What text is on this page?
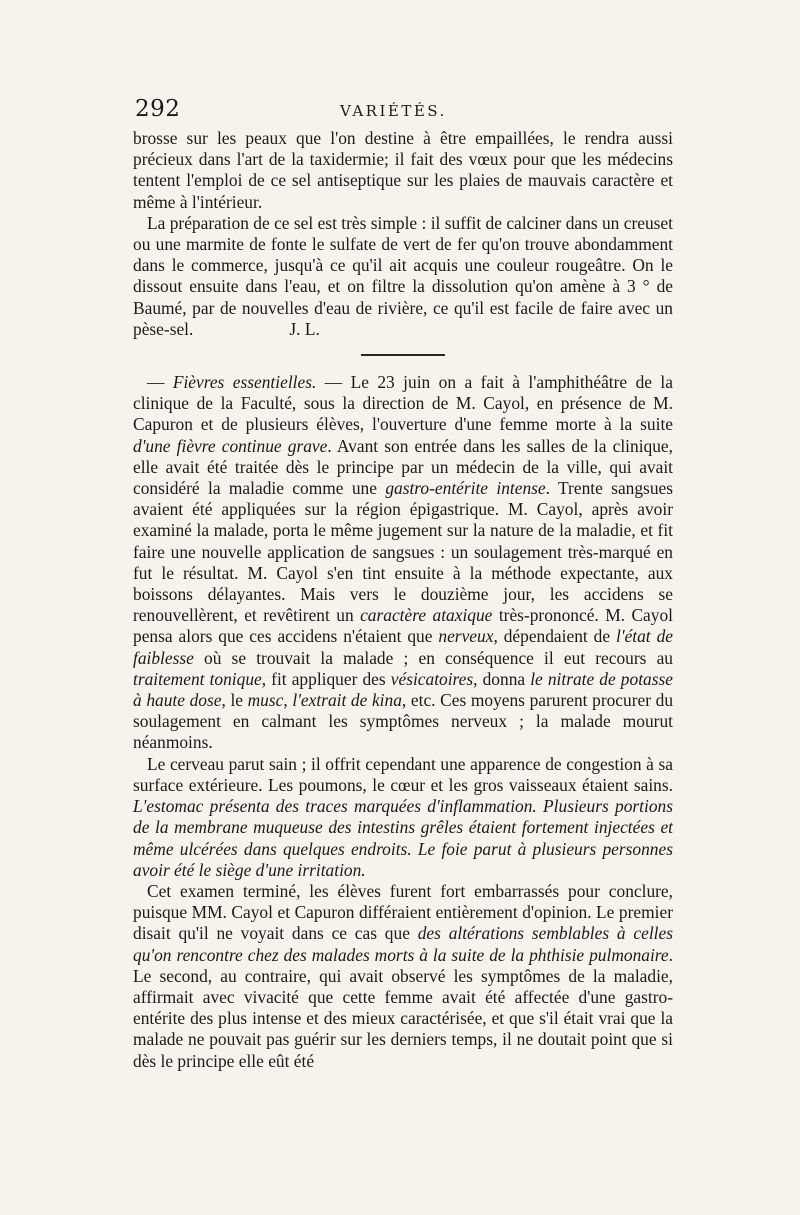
292	VARIÉTÉS.

brosse sur les peaux que l'on destine à être empaillées, le rendra aussi précieux dans l'art de la taxidermie; il fait des vœux pour que les médecins tentent l'emploi de ce sel antiseptique sur les plaies de mauvais caractère et même à l'intérieur.

La préparation de ce sel est très simple : il suffit de calciner dans un creuset ou une marmite de fonte le sulfate de vert de fer qu'on trouve abondamment dans le commerce, jusqu'à ce qu'il ait acquis une couleur rougeâtre. On le dissout ensuite dans l'eau, et on filtre la dissolution qu'on amène à 3 ° de Baumé, par de nouvelles d'eau de rivière, ce qu'il est facile de faire avec un pèse-sel.	J. L.

— Fièvres essentielles. — Le 23 juin on a fait à l'amphithéâtre de la clinique de la Faculté, sous la direction de M. Cayol, en présence de M. Capuron et de plusieurs élèves, l'ouverture d'une femme morte à la suite d'une fièvre continue grave. Avant son entrée dans les salles de la clinique, elle avait été traitée dès le principe par un médecin de la ville, qui avait considéré la maladie comme une gastro-entérite intense. Trente sangsues avaient été appliquées sur la région épigastrique. M. Cayol, après avoir examiné la malade, porta le même jugement sur la nature de la maladie, et fit faire une nouvelle application de sangsues : un soulagement très-marqué en fut le résultat. M. Cayol s'en tint ensuite à la méthode expectante, aux boissons délayantes. Mais vers le douzième jour, les accidens se renouvellèrent, et revêtirent un caractère ataxique très-prononcé. M. Cayol pensa alors que ces accidens n'étaient que nerveux, dépendaient de l'état de faiblesse où se trouvait la malade ; en conséquence il eut recours au traitement tonique, fit appliquer des vésicatoires, donna le nitrate de potasse à haute dose, le musc, l'extrait de kina, etc. Ces moyens parurent procurer du soulagement en calmant les symptômes nerveux ; la malade mourut néanmoins.

Le cerveau parut sain ; il offrit cependant une apparence de congestion à sa surface extérieure. Les poumons, le cœur et les gros vaisseaux étaient sains. L'estomac présenta des traces marquées d'inflammation. Plusieurs portions de la membrane muqueuse des intestins grêles étaient fortement injectées et même ulcérées dans quelques endroits. Le foie parut à plusieurs personnes avoir été le siège d'une irritation.

Cet examen terminé, les élèves furent fort embarrassés pour conclure, puisque MM. Cayol et Capuron différaient entièrement d'opinion. Le premier disait qu'il ne voyait dans ce cas que des altérations semblables à celles qu'on rencontre chez des malades morts à la suite de la phthisie pulmonaire. Le second, au contraire, qui avait observé les symptômes de la maladie, affirmait avec vivacité que cette femme avait été affectée d'une gastro-entérite des plus intense et des mieux caractérisée, et que s'il était vrai que la malade ne pouvait pas guérir sur les derniers temps, il ne doutait point que si dès le principe elle eût été
